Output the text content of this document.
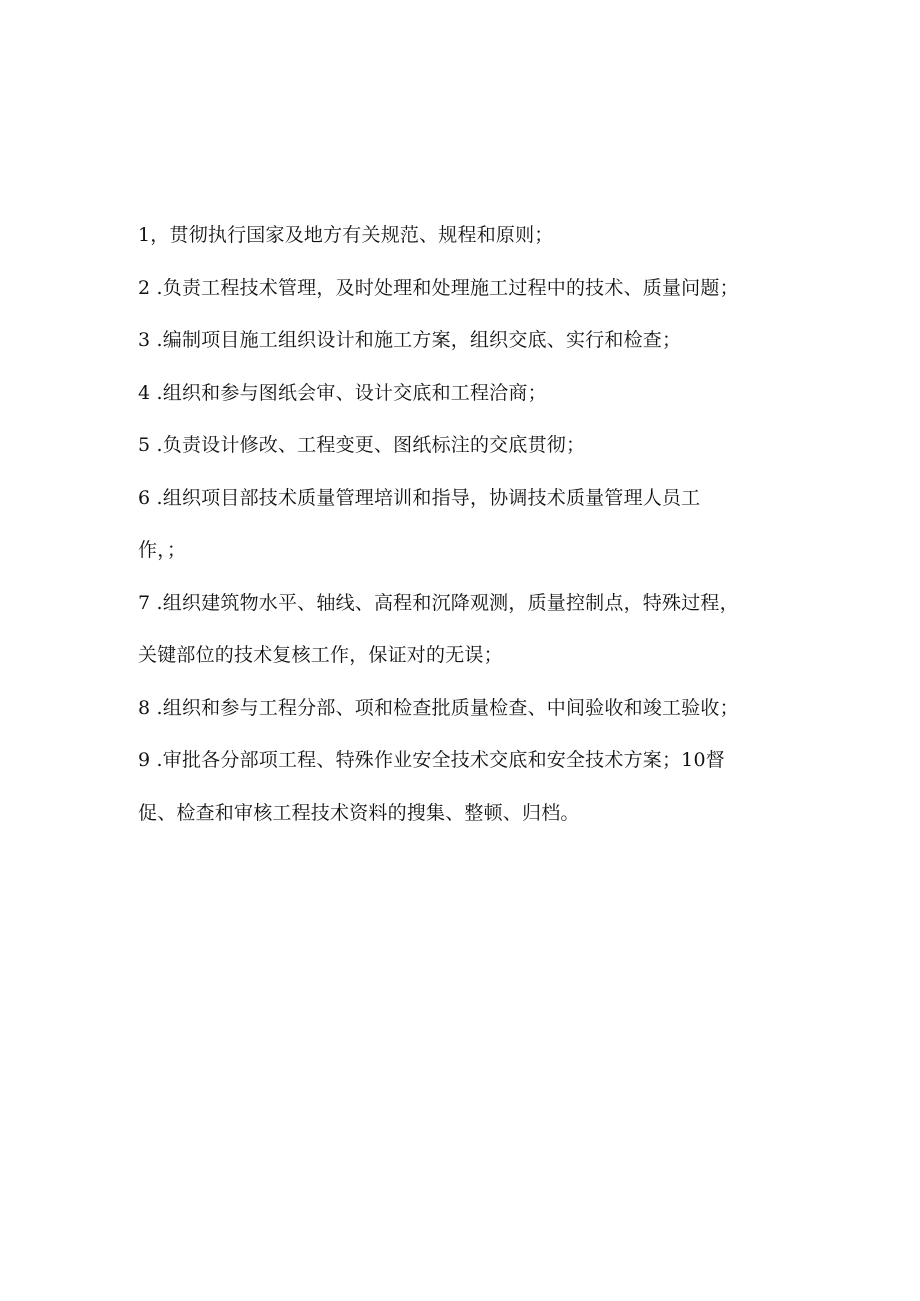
1，贯彻执行国家及地方有关规范、规程和原则；
2 .负责工程技术管理，及时处理和处理施工过程中的技术、质量问题；
3 .编制项目施工组织设计和施工方案，组织交底、实行和检查；
4 .组织和参与图纸会审、设计交底和工程洽商；
5 .负责设计修改、工程变更、图纸标注的交底贯彻；
6 .组织项目部技术质量管理培训和指导，协调技术质量管理人员工
作，；
7 .组织建筑物水平、轴线、高程和沉降观测，质量控制点，特殊过程，
关键部位的技术复核工作，保证对的无误；
8 .组织和参与工程分部、项和检查批质量检查、中间验收和竣工验收；
9 .审批各分部项工程、特殊作业安全技术交底和安全技术方案；10督
促、检查和审核工程技术资料的搜集、整顿、归档。
